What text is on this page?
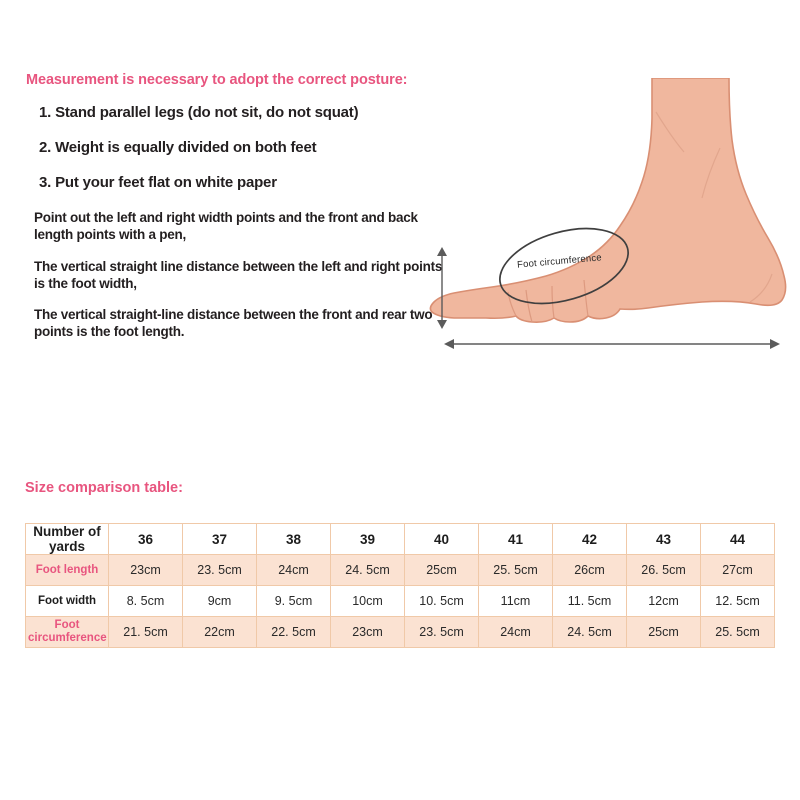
Measurement is necessary to adopt the correct posture:

1. Stand parallel legs (do not sit, do not squat)

2. Weight is equally divided on both feet

3. Put your feet flat on white paper

Point out the left and right width points and the front and back length points with a pen,

The vertical straight line distance between the left and right points is the foot width,

The vertical straight-line distance between the front and rear two points is the foot length.

Foot circumference
Size comparison table:
Number of yards	36	37	38	39	40	41	42	43	44
Foot length	23cm	23. 5cm	24cm	24. 5cm	25cm	25. 5cm	26cm	26. 5cm	27cm
Foot width	8. 5cm	9cm	9. 5cm	10cm	10. 5cm	11cm	11. 5cm	12cm	12. 5cm
Foot circumference	21. 5cm	22cm	22. 5cm	23cm	23. 5cm	24cm	24. 5cm	25cm	25. 5cm
